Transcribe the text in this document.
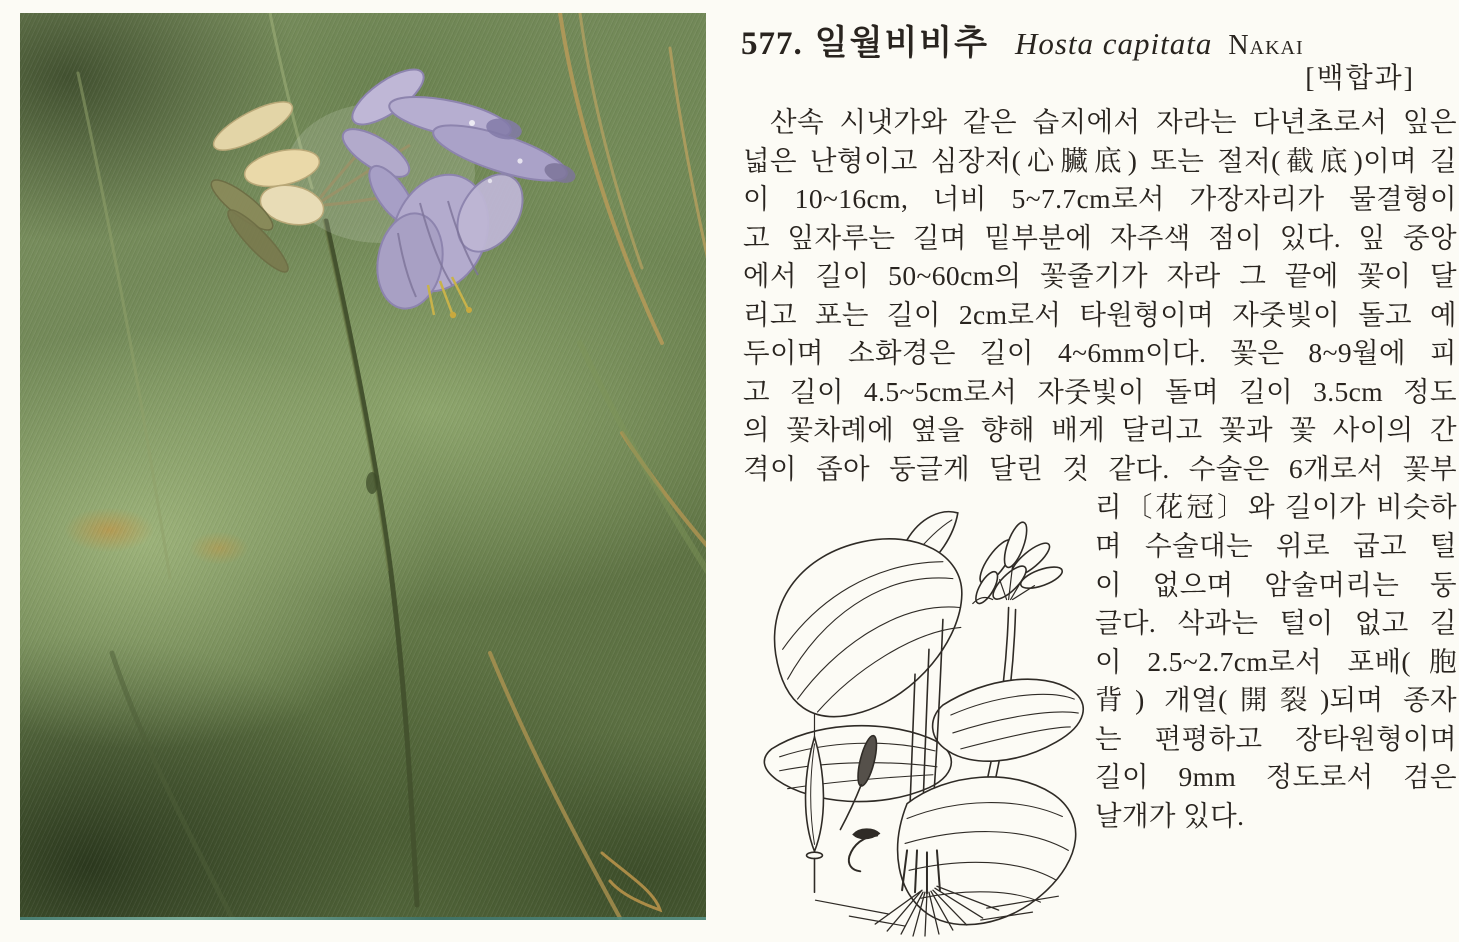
577. 일월비비추 Hosta capitata Nakai
[백합과]
산속 시냇가와 같은 습지에서 자라는 다년초로서 잎은
넓은 난형이고 심장저(心臟底) 또는 절저(截底)이며 길
이 10~16cm, 너비 5~7.7cm로서 가장자리가 물결형이
고 잎자루는 길며 밑부분에 자주색 점이 있다. 잎 중앙
에서 길이 50~60cm의 꽃줄기가 자라 그 끝에 꽃이 달
리고 포는 길이 2cm로서 타원형이며 자줏빛이 돌고 예
두이며 소화경은 길이 4~6mm이다. 꽃은 8~9월에 피
고 길이 4.5~5cm로서 자줏빛이 돌며 길이 3.5cm 정도
의 꽃차례에 옆을 향해 배게 달리고 꽃과 꽃 사이의 간
격이 좁아 둥글게 달린 것 같다. 수술은 6개로서 꽃부
리〔花冠〕와 길이가 비슷하
며 수술대는 위로 굽고 털
이 없으며 암술머리는 둥
글다. 삭과는 털이 없고 길
이 2.5~2.7cm로서 포배(胞
背) 개열(開裂)되며 종자
는 편평하고 장타원형이며
길이 9mm 정도로서 검은
날개가 있다.
